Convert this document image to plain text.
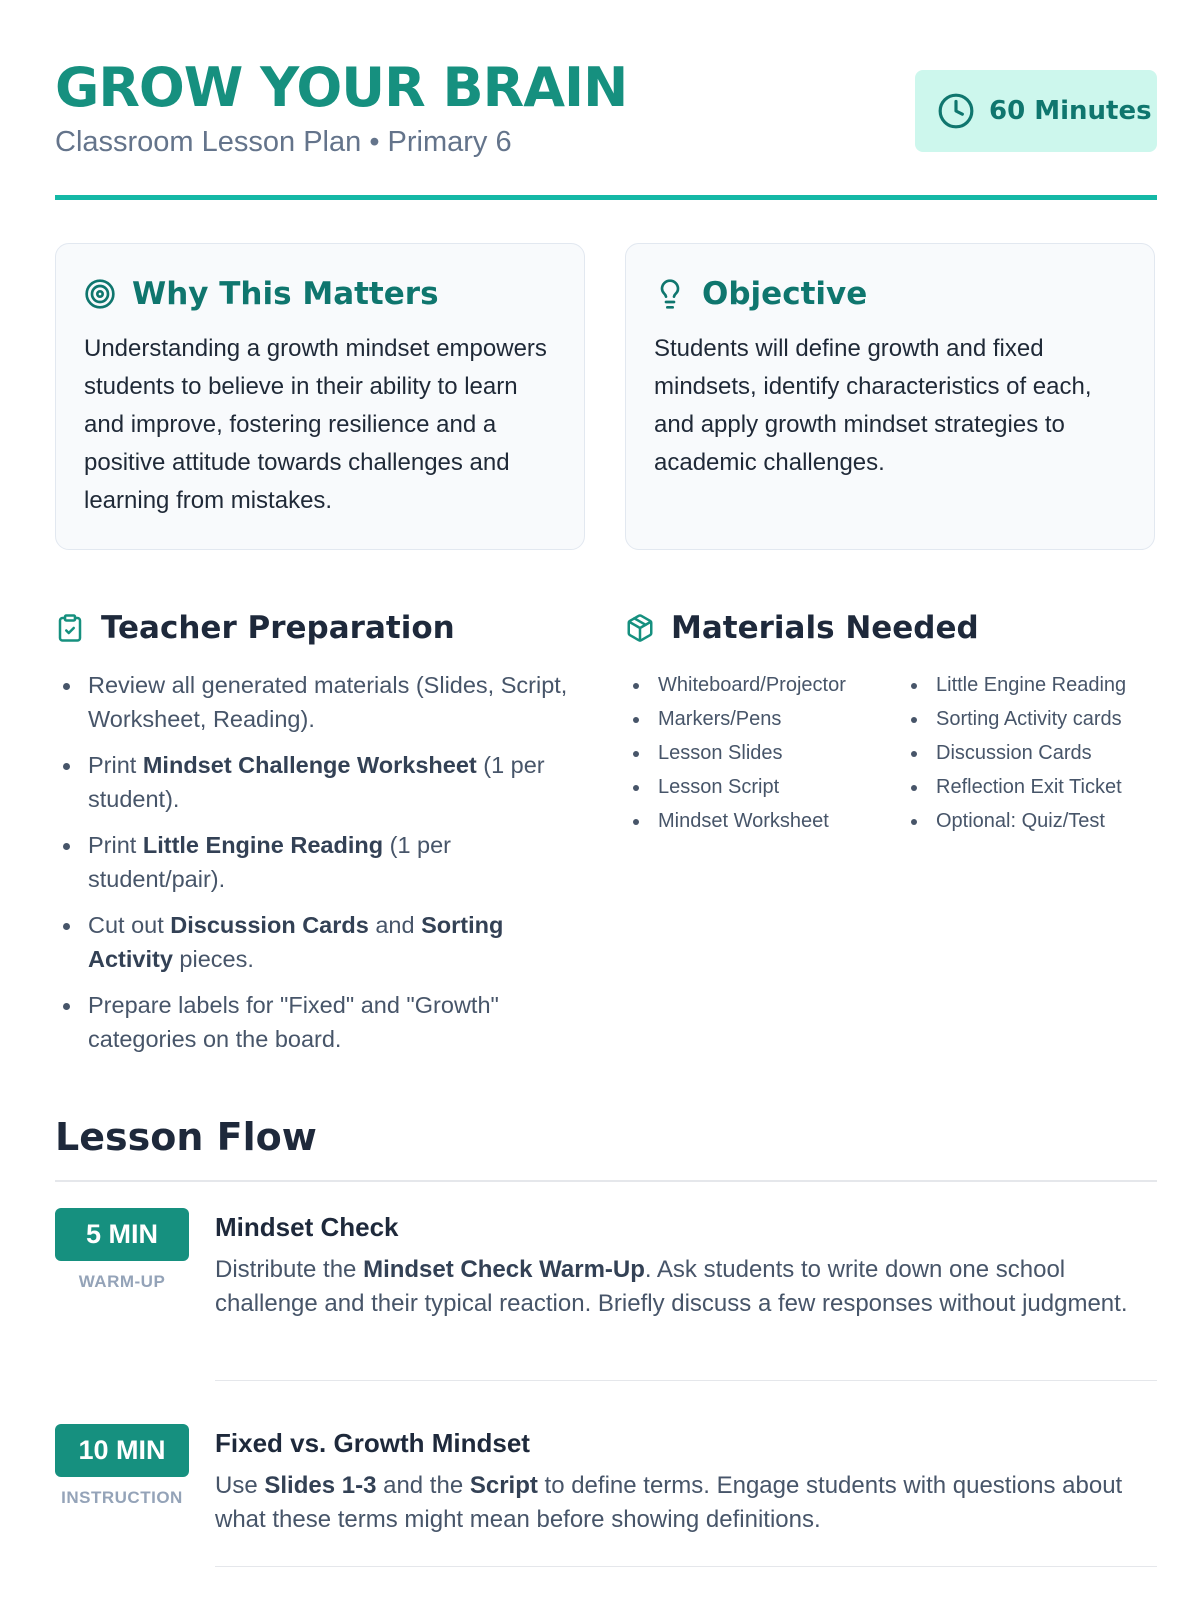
GROW YOUR BRAIN
Classroom Lesson Plan • Primary 6
60 Minutes
Why This Matters

Understanding a growth mindset empowers students to believe in their ability to learn and improve, fostering resilience and a positive attitude towards challenges and learning from mistakes.

Objective

Students will define growth and fixed mindsets, identify characteristics of each, and apply growth mindset strategies to academic challenges.

Teacher Preparation
Review all generated materials (Slides, Script, Worksheet, Reading).
Print Mindset Challenge Worksheet (1 per student).
Print Little Engine Reading (1 per student/pair).
Cut out Discussion Cards and Sorting Activity pieces.
Prepare labels for "Fixed" and "Growth" categories on the board.
Materials Needed
Whiteboard/Projector
Markers/Pens
Lesson Slides
Lesson Script
Mindset Worksheet
Little Engine Reading
Sorting Activity cards
Discussion Cards
Reflection Exit Ticket
Optional: Quiz/Test
Lesson Flow
5 MIN
WARM-UP
Mindset Check

Distribute the Mindset Check Warm-Up. Ask students to write down one school challenge and their typical reaction. Briefly discuss a few responses without judgment.

10 MIN
INSTRUCTION
Fixed vs. Growth Mindset

Use Slides 1-3 and the Script to define terms. Engage students with questions about what these terms might mean before showing definitions.
